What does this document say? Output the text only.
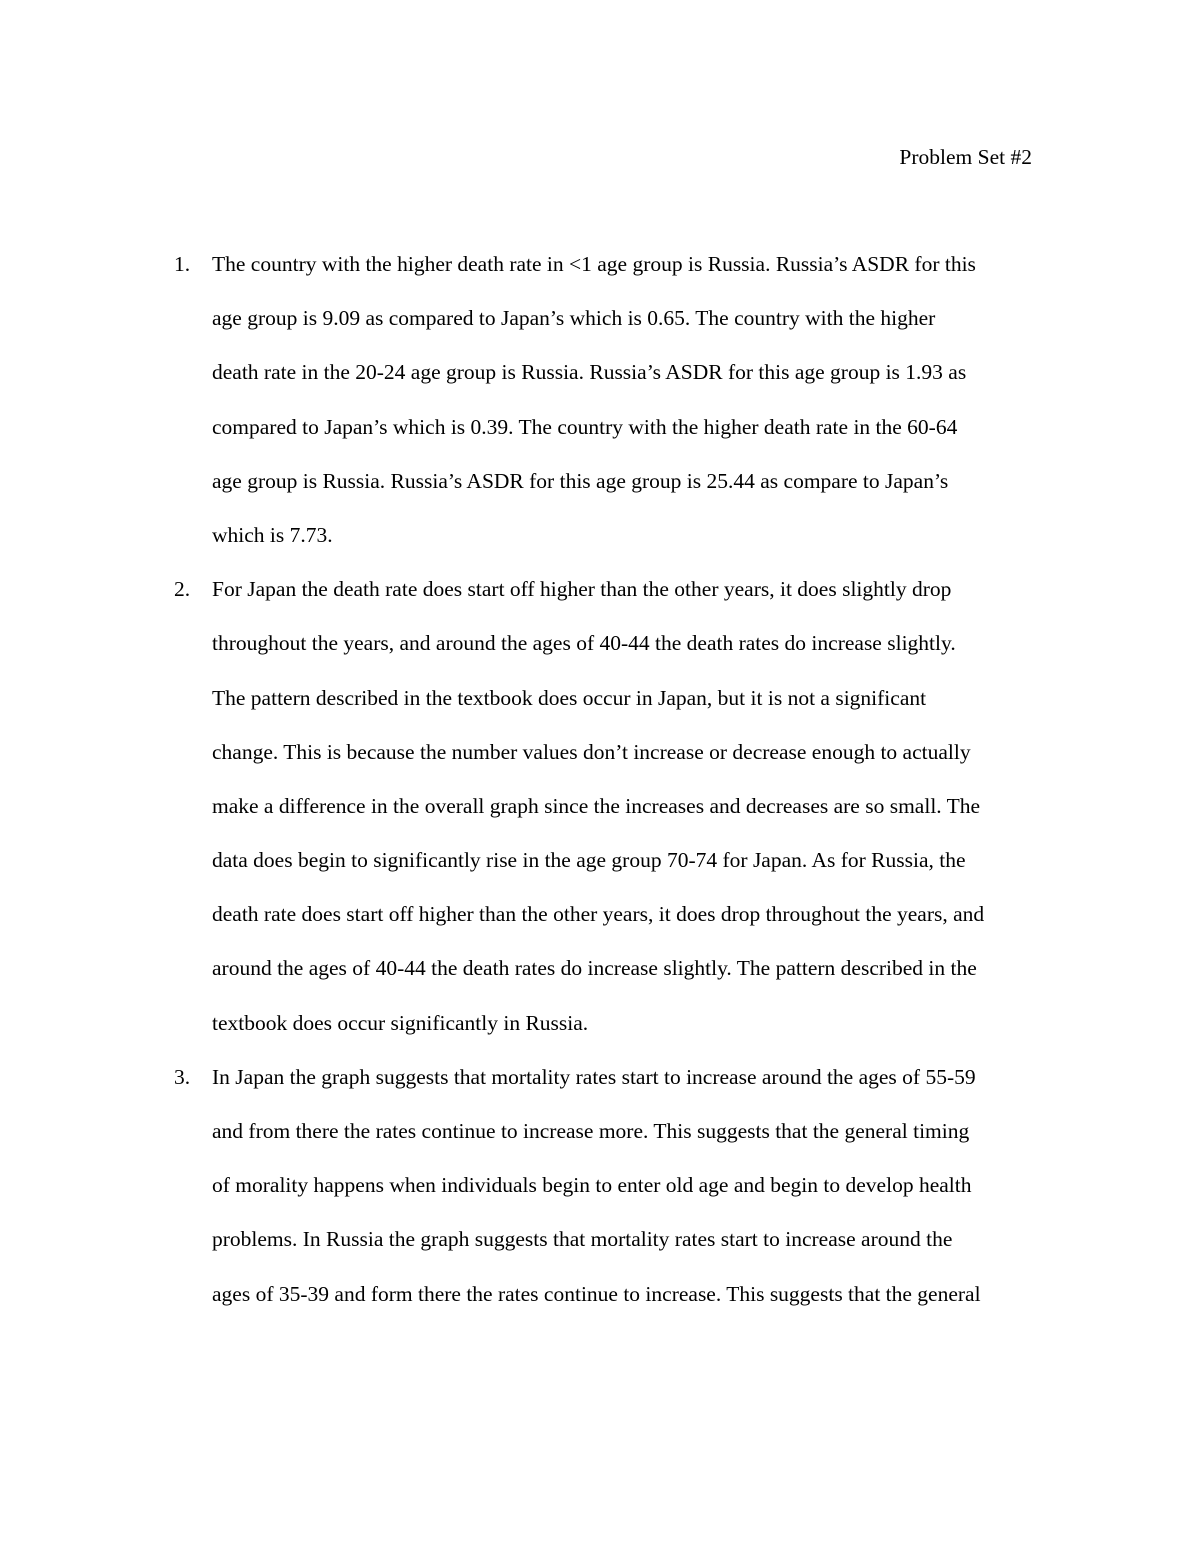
Problem Set #2
1. The country with the higher death rate in <1 age group is Russia. Russia’s ASDR for this
age group is 9.09 as compared to Japan’s which is 0.65. The country with the higher
death rate in the 20-24 age group is Russia. Russia’s ASDR for this age group is 1.93 as
compared to Japan’s which is 0.39. The country with the higher death rate in the 60-64
age group is Russia. Russia’s ASDR for this age group is 25.44 as compare to Japan’s
which is 7.73.
2. For Japan the death rate does start off higher than the other years, it does slightly drop
throughout the years, and around the ages of 40-44 the death rates do increase slightly.
The pattern described in the textbook does occur in Japan, but it is not a significant
change. This is because the number values don’t increase or decrease enough to actually
make a difference in the overall graph since the increases and decreases are so small. The
data does begin to significantly rise in the age group 70-74 for Japan. As for Russia, the
death rate does start off higher than the other years, it does drop throughout the years, and
around the ages of 40-44 the death rates do increase slightly. The pattern described in the
textbook does occur significantly in Russia.
3. In Japan the graph suggests that mortality rates start to increase around the ages of 55-59
and from there the rates continue to increase more. This suggests that the general timing
of morality happens when individuals begin to enter old age and begin to develop health
problems. In Russia the graph suggests that mortality rates start to increase around the
ages of 35-39 and form there the rates continue to increase. This suggests that the general
